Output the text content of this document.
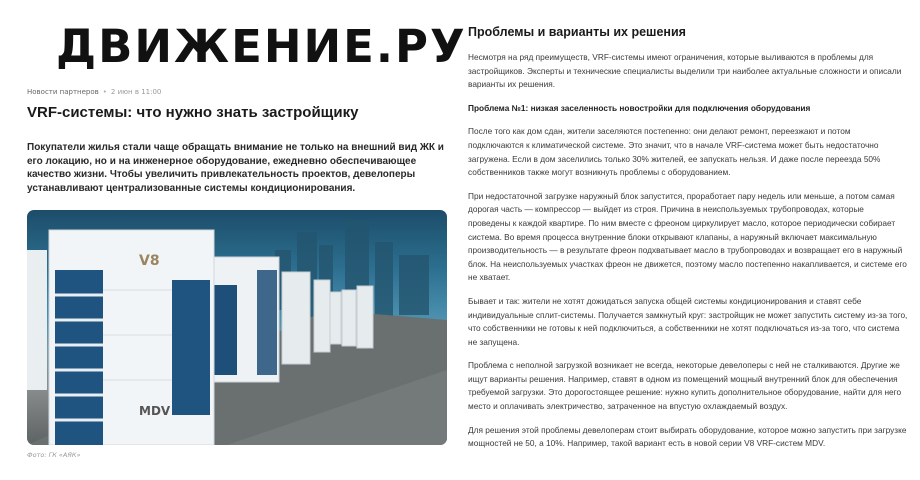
ДВИЖЕНИЕ.РУ
Новости партнеров • 2 июн в 11:00
VRF-системы: что нужно знать застройщику

Покупатели жилья стали чаще обращать внимание не только на внешний вид ЖК и его локацию, но и на инженерное оборудование, ежедневно обеспечивающее качество жизни. Чтобы увеличить привлекательность проектов, девелоперы устанавливают централизованные системы кондиционирования.

V8
MDV
Фото: ГК «АЯК»
Проблемы и варианты их решения

Несмотря на ряд преимуществ, VRF-системы имеют ограничения, которые выливаются в проблемы для застройщиков. Эксперты и технические специалисты выделили три наиболее актуальные сложности и описали варианты их решения.

Проблема №1: низкая заселенность новостройки для подключения оборудования

После того как дом сдан, жители заселяются постепенно: они делают ремонт, переезжают и потом подключаются к климатической системе. Это значит, что в начале VRF-система может быть недостаточно загружена. Если в дом заселились только 30% жителей, ее запускать нельзя. И даже после переезда 50% собственников также могут возникнуть проблемы с оборудованием.

При недостаточной загрузке наружный блок запустится, проработает пару недель или меньше, а потом самая дорогая часть — компрессор — выйдет из строя. Причина в неиспользуемых трубопроводах, которые проведены к каждой квартире. По ним вместе с фреоном циркулирует масло, которое периодически собирает система. Во время процесса внутренние блоки открывают клапаны, а наружный включает максимальную производительность — в результате фреон подхватывает масло в трубопроводах и возвращает его в наружный блок. На неиспользуемых участках фреон не движется, поэтому масло постепенно накапливается, и системе его не хватает.

Бывает и так: жители не хотят дожидаться запуска общей системы кондиционирования и ставят себе индивидуальные сплит-системы. Получается замкнутый круг: застройщик не может запустить систему из-за того, что собственники не готовы к ней подключиться, а собственники не хотят подключаться из-за того, что система не запущена.

Проблема с неполной загрузкой возникает не всегда, некоторые девелоперы с ней не сталкиваются. Другие же ищут варианты решения. Например, ставят в одном из помещений мощный внутренний блок для обеспечения требуемой загрузки. Это дорогостоящее решение: нужно купить дополнительное оборудование, найти для него место и оплачивать электричество, затраченное на впустую охлаждаемый воздух.

Для решения этой проблемы девелоперам стоит выбирать оборудование, которое можно запустить при загрузке мощностей не 50, а 10%. Например, такой вариант есть в новой серии V8 VRF-систем MDV.
